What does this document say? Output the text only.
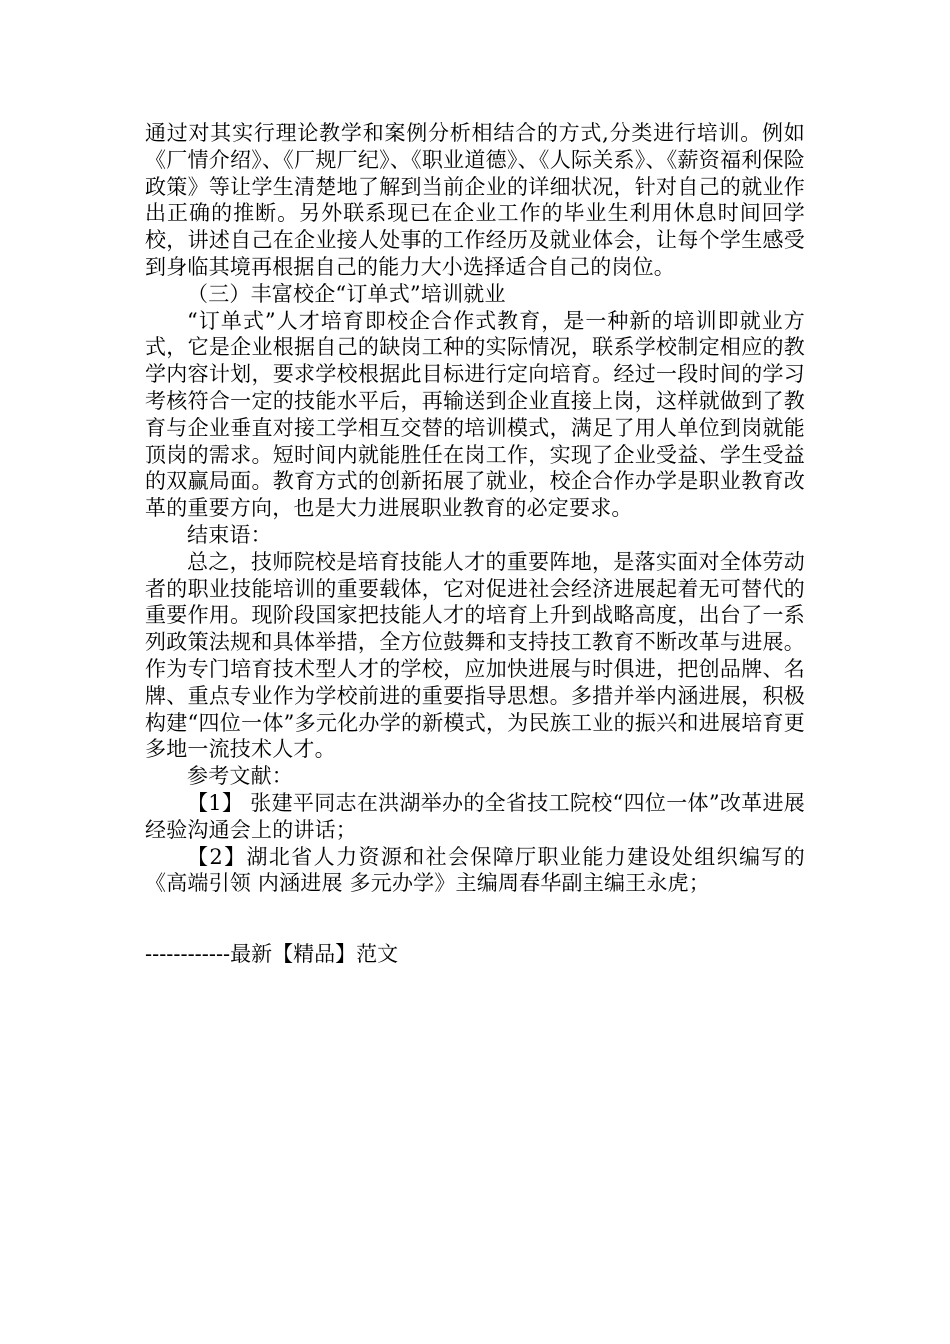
通过对其实行理论教学和案例分析相结合的方式,分类进行培训。例如《厂情介绍》、《厂规厂纪》、《职业道德》、《人际关系》、《薪资福利保险政策》等让学生清楚地了解到当前企业的详细状况，针对自己的就业作出正确的推断。另外联系现已在企业工作的毕业生利用休息时间回学校，讲述自己在企业接人处事的工作经历及就业体会，让每个学生感受到身临其境再根据自己的能力大小选择适合自己的岗位。

（三）丰富校企“订单式”培训就业

“订单式”人才培育即校企合作式教育，是一种新的培训即就业方式，它是企业根据自己的缺岗工种的实际情况，联系学校制定相应的教学内容计划，要求学校根据此目标进行定向培育。经过一段时间的学习考核符合一定的技能水平后，再输送到企业直接上岗，这样就做到了教育与企业垂直对接工学相互交替的培训模式，满足了用人单位到岗就能顶岗的需求。短时间内就能胜任在岗工作，实现了企业受益、学生受益的双赢局面。教育方式的创新拓展了就业，校企合作办学是职业教育改革的重要方向，也是大力进展职业教育的必定要求。

结束语：

总之，技师院校是培育技能人才的重要阵地，是落实面对全体劳动者的职业技能培训的重要载体，它对促进社会经济进展起着无可替代的重要作用。现阶段国家把技能人才的培育上升到战略高度，出台了一系列政策法规和具体举措，全方位鼓舞和支持技工教育不断改革与进展。作为专门培育技术型人才的学校，应加快进展与时俱进，把创品牌、名牌、重点专业作为学校前进的重要指导思想。多措并举内涵进展，积极构建“四位一体”多元化办学的新模式，为民族工业的振兴和进展培育更多地一流技术人才。

参考文献：

【1】 张建平同志在洪湖举办的全省技工院校“四位一体”改革进展经验沟通会上的讲话；

【2】湖北省人力资源和社会保障厅职业能力建设处组织编写的《高端引领 内涵进展 多元办学》主编周春华副主编王永虎；

------------最新【精品】范文
